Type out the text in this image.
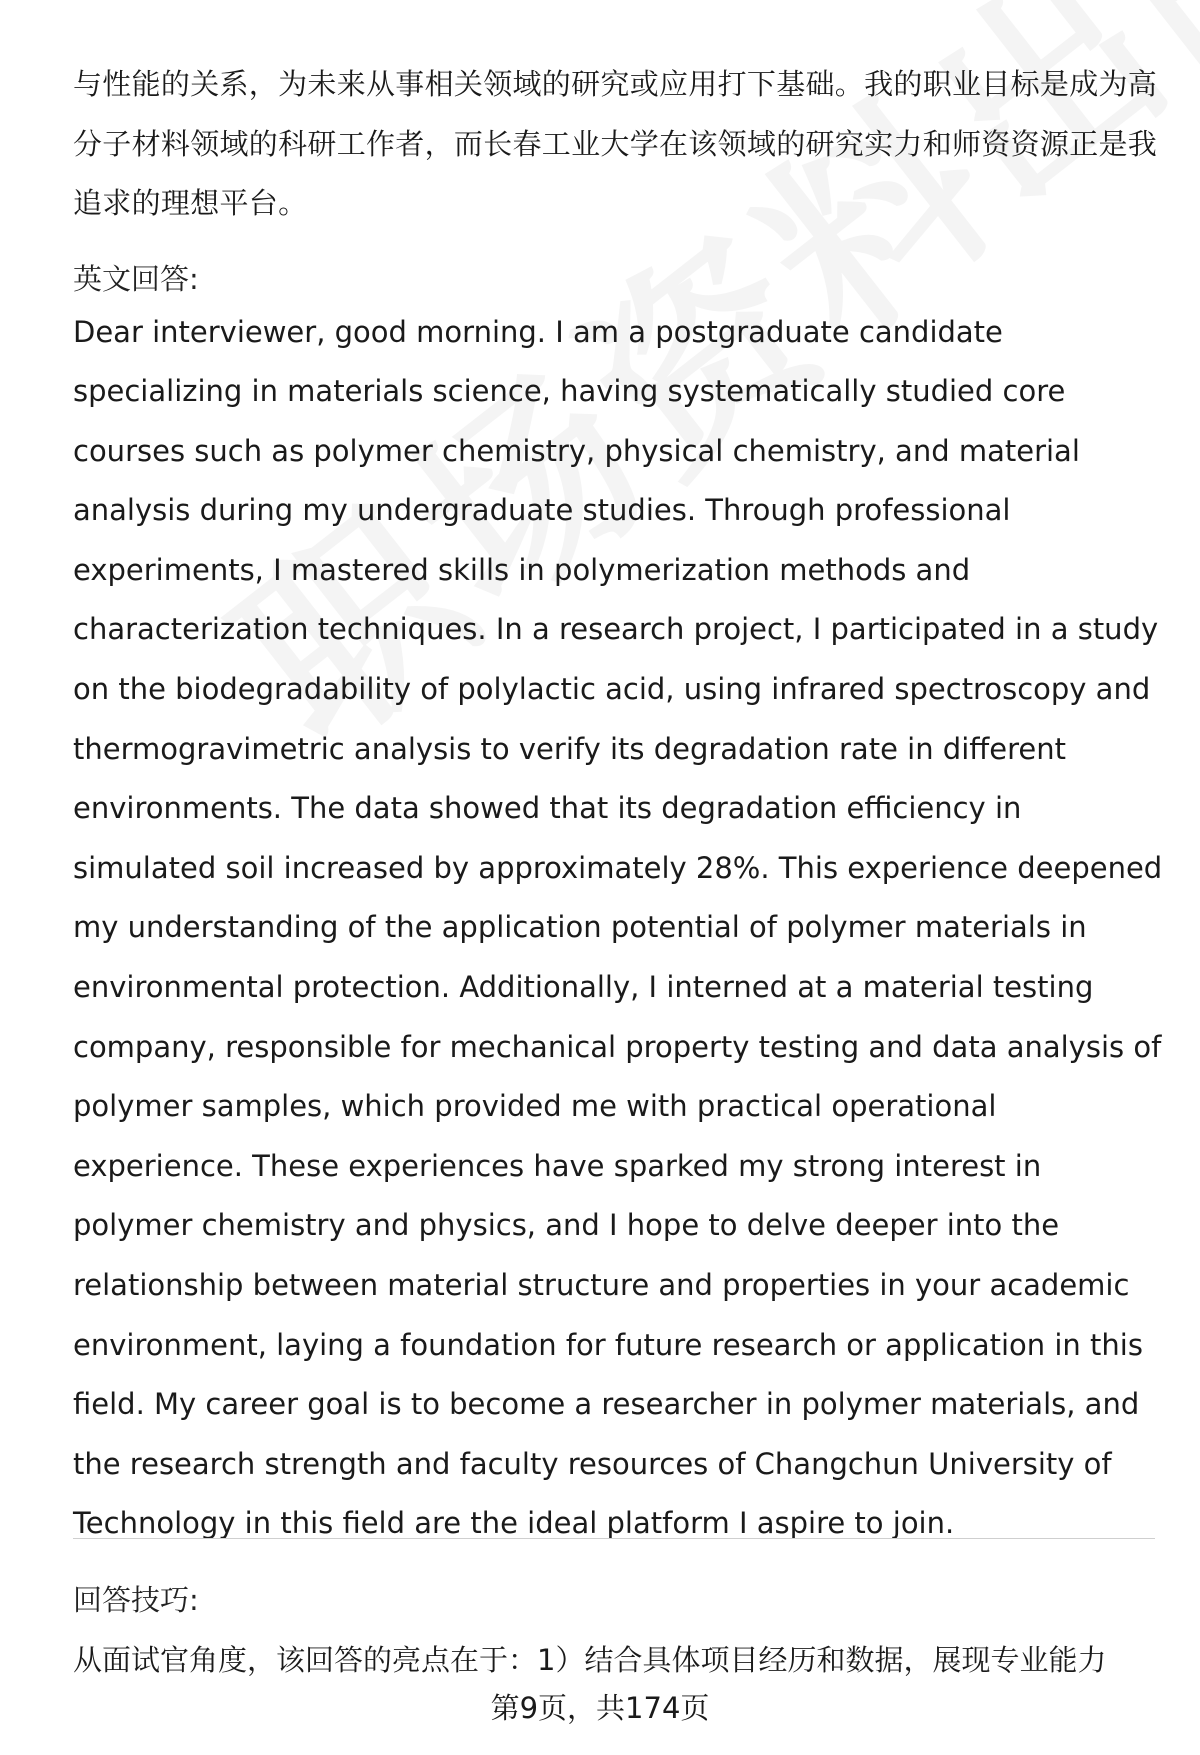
与性能的关系，为未来从事相关领域的研究或应用打下基础。我的职业目标是成为高分子材料领域的科研工作者，而长春工业大学在该领域的研究实力和师资资源正是我追求的理想平台。

英文回答:

Dear interviewer, good morning. I am a postgraduate candidate specializing in materials science, having systematically studied core courses such as polymer chemistry, physical chemistry, and material analysis during my undergraduate studies. Through professional experiments, I mastered skills in polymerization methods and characterization techniques. In a research project, I participated in a study on the biodegradability of polylactic acid, using infrared spectroscopy and thermogravimetric analysis to verify its degradation rate in different environments. The data showed that its degradation efficiency in simulated soil increased by approximately 28%. This experience deepened my understanding of the application potential of polymer materials in environmental protection. Additionally, I interned at a material testing company, responsible for mechanical property testing and data analysis of polymer samples, which provided me with practical operational experience. These experiences have sparked my strong interest in polymer chemistry and physics, and I hope to delve deeper into the relationship between material structure and properties in your academic environment, laying a foundation for future research or application in this field. My career goal is to become a researcher in polymer materials, and the research strength and faculty resources of Changchun University of Technology in this field are the ideal platform I aspire to join.

回答技巧:

从面试官角度，该回答的亮点在于：1）结合具体项目经历和数据，展现专业能力

第9页，共174页
